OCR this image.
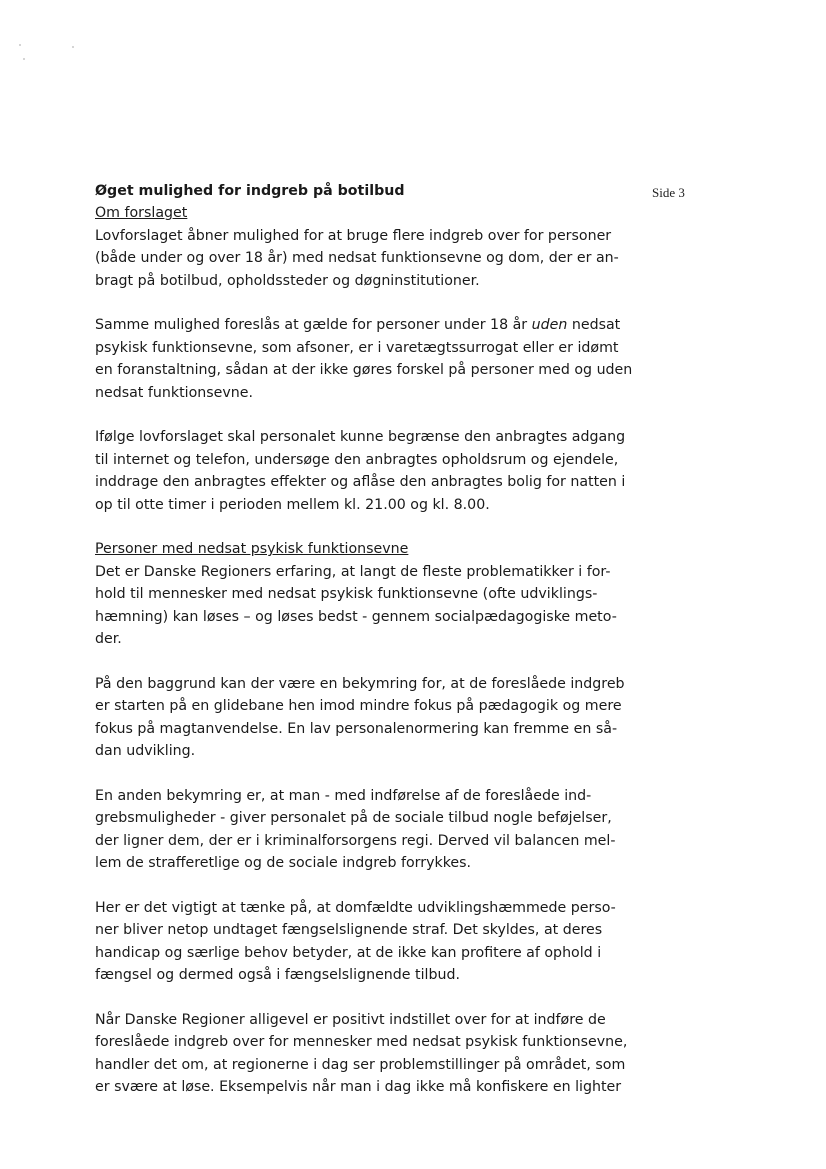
Side 3

Øget mulighed for indgreb på botilbud

Om forslaget

Lovforslaget åbner mulighed for at bruge flere indgreb over for personer
(både under og over 18 år) med nedsat funktionsevne og dom, der er an-
bragt på botilbud, opholdssteder og døgninstitutioner.

Samme mulighed foreslås at gælde for personer under 18 år uden nedsat
psykisk funktionsevne, som afsoner, er i varetægtssurrogat eller er idømt
en foranstaltning, sådan at der ikke gøres forskel på personer med og uden
nedsat funktionsevne.

Ifølge lovforslaget skal personalet kunne begrænse den anbragtes adgang
til internet og telefon, undersøge den anbragtes opholdsrum og ejendele,
inddrage den anbragtes effekter og aflåse den anbragtes bolig for natten i
op til otte timer i perioden mellem kl. 21.00 og kl. 8.00.

Personer med nedsat psykisk funktionsevne

Det er Danske Regioners erfaring, at langt de fleste problematikker i for-
hold til mennesker med nedsat psykisk funktionsevne (ofte udviklings-
hæmning) kan løses – og løses bedst - gennem socialpædagogiske meto-
der.

På den baggrund kan der være en bekymring for, at de foreslåede indgreb
er starten på en glidebane hen imod mindre fokus på pædagogik og mere
fokus på magtanvendelse. En lav personalenormering kan fremme en så-
dan udvikling.

En anden bekymring er, at man - med indførelse af de foreslåede ind-
grebsmuligheder - giver personalet på de sociale tilbud nogle beføjelser,
der ligner dem, der er i kriminalforsorgens regi. Derved vil balancen mel-
lem de strafferetlige og de sociale indgreb forrykkes.

Her er det vigtigt at tænke på, at domfældte udviklingshæmmede perso-
ner bliver netop undtaget fængselslignende straf. Det skyldes, at deres
handicap og særlige behov betyder, at de ikke kan profitere af ophold i
fængsel og dermed også i fængselslignende tilbud.

Når Danske Regioner alligevel er positivt indstillet over for at indføre de
foreslåede indgreb over for mennesker med nedsat psykisk funktionsevne,
handler det om, at regionerne i dag ser problemstillinger på området, som
er svære at løse. Eksempelvis når man i dag ikke må konfiskere en lighter
